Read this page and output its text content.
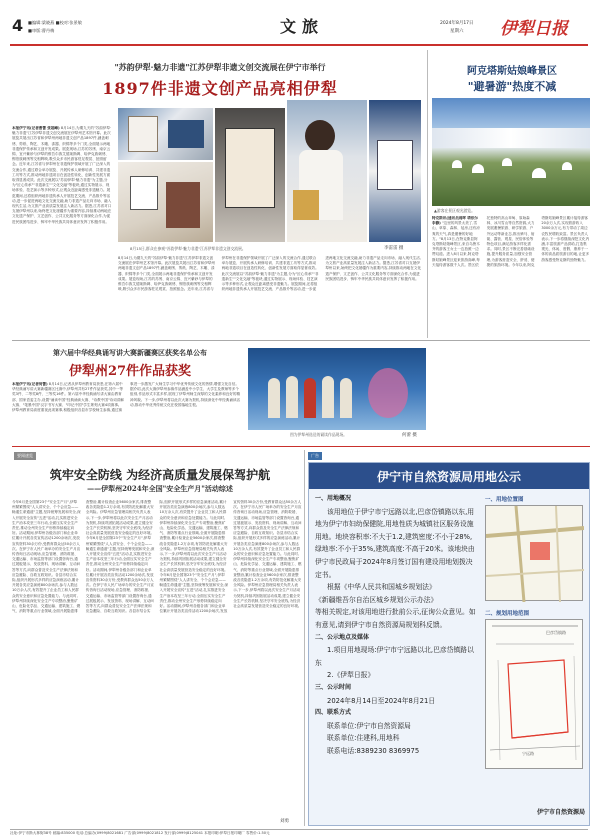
4 ■编辑:梁晓燕 ■校对:张景敏
■审版:曹丹梅	文旅	2024年8月17日
星期六 伊犁日报
"苏韵伊犁·魅力非遗"江苏伊犁非遗文创交流展在伊宁市举行
1897件非遗文创产品亮相伊犁
本报伊宁讯(记者曹蕾 张超峰) 8月14日,为期九天的"苏韵伊犁·魅力非遗"江苏伊犁非遗文创交流展在伊犁州艺术馆开幕。此次展览共展出江苏省和伊犁州两地非遗文创产品1897件,涵盖刺绣、剪纸、陶艺、木雕、漆器、织锦等多个门类,全面展示两地非遗保护传承和文创开发成果。展览现场,江苏的苏绣、南京云锦、宜兴紫砂与伊犁的维吾尔族艾德莱斯绸、哈萨克族刺绣、锡伯族刺绣等交相辉映,吸引众多市民游客驻足观赏、拍照留念。近年来,江苏省与伊犁州在非遗保护领域开展了广泛深入的交流合作,通过联合举办展览、开展传承人研修培训、共建非遗工坊等方式,推动两地非遗项目在创造性转化、创新性发展方面取得显著成效。此次交流展以"苏韵伊犁·魅力非遗"为主题,分为"匠心传承""非遗新生""文化交融"等板块,通过实物展示、现场体验、技艺演示等多种形式,让观众近距离感受非遗魅力。展览期间,还将组织两地非遗传承人开展技艺交流、产品推介等活动,进一步促进两地文化交流交融,助力非遗产品走向市场、融入现代生活,为文旅产业高质量发展注入新活力。据悉,江苏省对口支援伊犁州以来,始终把文化援疆作为重要内容,持续推动两地在文化遗产保护、文艺创作、公共文化服务等方面深化合作,为促进民族团结进步、铸牢中华民族共同体意识发挥了积极作用。
8月15日,群众在参观"苏韵伊犁·魅力非遗"江苏伊犁非遗文创交流展。	李雷雷 摄
8月14日,为期九天的"苏韵伊犁·魅力非遗"江苏伊犁非遗文创交流展在伊犁州艺术馆开幕。此次展览共展出江苏省和伊犁州两地非遗文创产品1897件,涵盖刺绣、剪纸、陶艺、木雕、漆器、织锦等多个门类,全面展示两地非遗保护传承和文创开发成果。展览现场,江苏的苏绣、南京云锦、宜兴紫砂与伊犁的维吾尔族艾德莱斯绸、哈萨克族刺绣、锡伯族刺绣等交相辉映,吸引众多市民游客驻足观赏、拍照留念。近年来,江苏省与伊犁州在非遗保护领域开展了广泛深入的交流合作,通过联合举办展览、开展传承人研修培训、共建非遗工坊等方式,推动两地非遗项目在创造性转化、创新性发展方面取得显著成效。此次交流展以"苏韵伊犁·魅力非遗"为主题,分为"匠心传承""非遗新生""文化交融"等板块,通过实物展示、现场体验、技艺演示等多种形式,让观众近距离感受非遗魅力。展览期间,还将组织两地非遗传承人开展技艺交流、产品推介等活动,进一步促进两地文化交流交融,助力非遗产品走向市场、融入现代生活,为文旅产业高质量发展注入新活力。据悉,江苏省对口支援伊犁州以来,始终把文化援疆作为重要内容,持续推动两地在文化遗产保护、文艺创作、公共文化服务等方面深化合作,为促进民族团结进步、铸牢中华民族共同体意识发挥了积极作用。
阿克塔斯姑娘峰景区
"避暑游"热度不减
▲游客在景区观光游览。
特克斯讯(通讯员周晖 塔依尔 李静) "这里的风景太美了,雪山、草原、森林、毡房,还有凉爽的天气,真是避暑的好地方。"8月13日,在特克斯县阿克塔斯姑娘峰景区,来自乌鲁木齐的游客王女士一边拍照一边赞叹道。进入8月以来,阿克塔斯姑娘峰景区迎来旅游高峰,每天接待游客数千人次。景区依托独特的高山草甸、原始森林、冰川雪山等自然资源,大力发展避暑旅游、研学旅游、户外运动等新业态,推出骑马、射箭、露营、观星、民俗体验等特色项目,满足游客多样化需求。同时,景区不断完善基础设施,提升服务质量,加强安全管理,为游客营造安全、舒适、便捷的旅游环境。今年以来,阿克塔斯姑娘峰景区累计接待游客20余万人次,实现旅游收入3000余万元,有力带动了周边农牧民增收致富。景区负责人表示,下一步将继续深挖文化内涵,丰富旅游产品供给,打造集观光、休闲、度假、康养于一体的高品质旅游目的地,让更多游客感受特克斯的独特魅力。
第六届中华经典诵写讲大赛新疆赛区获奖名单公布
伊犁州27件作品获奖
本报伊宁讯(记者何蕾) 8月14日,记者从伊犁州教育局获悉,在第六届中华经典诵写讲大赛新疆赛区比赛中,伊犁州共有27件作品获奖,其中一等奖3件、二等奖8件、三等奖16件。第六届中华经典诵写讲大赛由教育部、国家语委主办,设置"诵读中国"经典诵读大赛、"诗教中国"诗词讲解大赛、"笔墨中国"汉字书写大赛、"印记中国"学生篆刻大赛4项赛事。伊犁州教育局高度重视此项赛事,积极组织各县市学校师生参赛,通过赛事进一步激发广大师生学习中华优秀传统文化的热情,增强文化自信。据介绍,此次大赛伊犁州参赛作品涵盖中小学生、大学生及教师等多个组别,作品形式丰富多样,展现了伊犁州师生深厚的文化素养和良好的精神风貌。下一步,伊犁州将以此次大赛为契机,持续深化中华经典诵读活动,推动中华优秀传统文化在校园落地生根。
图为伊犁州选送的诵读作品现场。	何蕾 摄
要闻速览
筑牢安全防线 为经济高质量发展保驾护航
——伊犁州2024年全国"安全生产月"活动综述
今年6月是全国第23个"安全生产月",伊犁州紧紧围绕"人人讲安全、个个会应急——畅通生命通道"主题,坚持统筹发展和安全,深入开展安全宣传"五进"活动,扎实推进安全生产治本攻坚三年行动,全面压实安全生产责任,推动全州安全生产形势持续稳定向好。活动期间,伊犁州各级各部门和企业单位累计开展各类宣传活动1200余场次,发放宣传资料30余万份,受教育群众达50余万人次。在伊宁市人民广场举办的安全生产月宣传咨询日活动现场,应急管理、消防救援、交通运输、市场监管等部门设置咨询台,通过展板展示、发放资料、现场讲解、互动问答等方式,向群众普及安全生产法律法规和应急避险、自救互救知识。各县市结合实际,组织开展形式多样的应急演练活动,累计开展各类应急演练800余场次,参与人数达10万余人次,有效提升了企业员工和人民群众的安全意识和应急处置能力。与此同时,伊犁州持续深化安全生产专项整治,聚焦矿山、危险化学品、交通运输、建筑施工、燃气、消防等重点行业领域,全面开展隐患排查整治,累计检查企业5600余家次,排查整改各类隐患1.2万余项,有效防范化解重大安全风险。伊犁州应急管理局相关负责人表示,下一步,伊犁州将以此次安全生产月活动为契机,持续巩固拓展活动成果,建立健全安全生产长效机制,坚决守牢安全底线,为经济社会高质量发展营造安全稳定的良好环境。 今年6月是全国第23个"安全生产月",伊犁州紧紧围绕"人人讲安全、个个会应急——畅通生命通道"主题,坚持统筹发展和安全,深入开展安全宣传"五进"活动,扎实推进安全生产治本攻坚三年行动,全面压实安全生产责任,推动全州安全生产形势持续稳定向好。活动期间,伊犁州各级各部门和企业单位累计开展各类宣传活动1200余场次,发放宣传资料30余万份,受教育群众达50余万人次。在伊宁市人民广场举办的安全生产月宣传咨询日活动现场,应急管理、消防救援、交通运输、市场监管等部门设置咨询台,通过展板展示、发放资料、现场讲解、互动问答等方式,向群众普及安全生产法律法规和应急避险、自救互救知识。各县市结合实际,组织开展形式多样的应急演练活动,累计开展各类应急演练800余场次,参与人数达10万余人次,有效提升了企业员工和人民群众的安全意识和应急处置能力。与此同时,伊犁州持续深化安全生产专项整治,聚焦矿山、危险化学品、交通运输、建筑施工、燃气、消防等重点行业领域,全面开展隐患排查整治,累计检查企业5600余家次,排查整改各类隐患1.2万余项,有效防范化解重大安全风险。伊犁州应急管理局相关负责人表示,下一步,伊犁州将以此次安全生产月活动为契机,持续巩固拓展活动成果,建立健全安全生产长效机制,坚决守牢安全底线,为经济社会高质量发展营造安全稳定的良好环境。 今年6月是全国第23个"安全生产月",伊犁州紧紧围绕"人人讲安全、个个会应急——畅通生命通道"主题,坚持统筹发展和安全,深入开展安全宣传"五进"活动,扎实推进安全生产治本攻坚三年行动,全面压实安全生产责任,推动全州安全生产形势持续稳定向好。活动期间,伊犁州各级各部门和企业单位累计开展各类宣传活动1200余场次,发放宣传资料30余万份,受教育群众达50余万人次。在伊宁市人民广场举办的安全生产月宣传咨询日活动现场,应急管理、消防救援、交通运输、市场监管等部门设置咨询台,通过展板展示、发放资料、现场讲解、互动问答等方式,向群众普及安全生产法律法规和应急避险、自救互救知识。各县市结合实际,组织开展形式多样的应急演练活动,累计开展各类应急演练800余场次,参与人数达10万余人次,有效提升了企业员工和人民群众的安全意识和应急处置能力。与此同时,伊犁州持续深化安全生产专项整治,聚焦矿山、危险化学品、交通运输、建筑施工、燃气、消防等重点行业领域,全面开展隐患排查整治,累计检查企业5600余家次,排查整改各类隐患1.2万余项,有效防范化解重大安全风险。伊犁州应急管理局相关负责人表示,下一步,伊犁州将以此次安全生产月活动为契机,持续巩固拓展活动成果,建立健全安全生产长效机制,坚决守牢安全底线,为经济社会高质量发展营造安全稳定的良好环境。
刘勇
广告
伊宁市自然资源局用地公示
一、用地概况
该用地位于伊宁市宁远路以北,巴彦岱镇路以东,用地为伊宁市妇幼保健院,用地性质为城镇社区服务设施用地。地块容积率:不大于1.2,建筑密度:不小于28%,绿地率:不小于35%,建筑高度:不高于20米。该地块由伊宁市民政局于2024年8月签订国有建设用地划拨决定书。
根据《中华人民共和国城乡规划法》
《新疆维吾尔自治区城乡规划公示办法》
等相关规定,对该用地进行批前公示,征询公众意见。如有意见,请到伊宁市自然资源局规划科反馈。
二、公示地点及媒体
1.项目用地现场:伊宁市宁远路以北,巴彦岱镇路以东
2.《伊犁日报》
三、公示时间
2024年8月14日至2024年8月21日
四、联系方式
联系单位:伊宁市自然资源局
联系单位:住建科,用地科
联系电话:8389230 8369975
一、用地位置图
二、规划用地范围
宁远路
巴彦岱镇路
伊宁市自然资源局
社址:伊宁市斯大林街38号 邮编:835000 电话:总编办(0999)8021681 广告部(0999)8021812 发行部(0999)8125041 本报印刷:伊犁日报印刷厂 零售价:1.50元
